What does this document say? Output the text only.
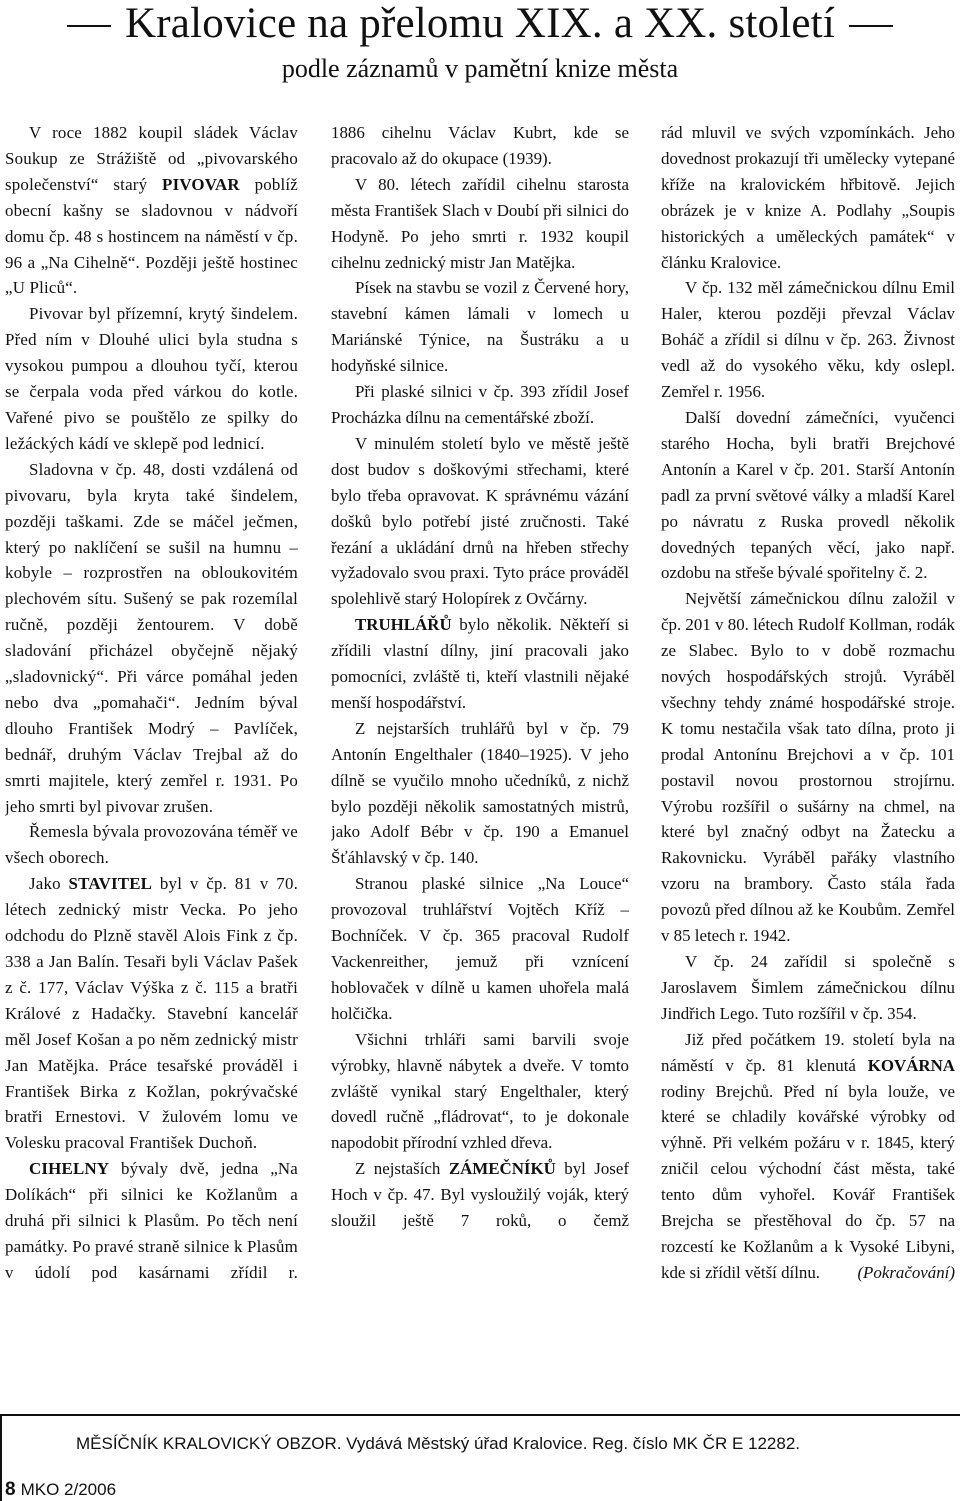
Kralovice na přelomu XIX. a XX. století
podle záznamů v pamětní knize města

V roce 1882 koupil sládek Václav Soukup ze Strážiště od „pivovarského společenství“ starý PIVOVAR poblíž obecní kašny se sladovnou v nádvoří domu čp. 48 s hostincem na náměstí v čp. 96 a „Na Cihelně“. Později ještě hostinec „U Pliců“.

Pivovar byl přízemní, krytý šindelem. Před ním v Dlouhé ulici byla studna s vysokou pumpou a dlouhou tyčí, kterou se čerpala voda před várkou do kotle. Vařené pivo se pouštělo ze spilky do ležáckých kádí ve sklepě pod lednicí.

Sladovna v čp. 48, dosti vzdálená od pivovaru, byla kryta také šindelem, později taškami. Zde se máčel ječmen, který po naklíčení se sušil na humnu – kobyle – rozprostřen na obloukovitém plechovém sítu. Sušený se pak rozemílal ručně, později žentourem. V době sladování přicházel obyčejně nějaký „sladovnický“. Při várce pomáhal jeden nebo dva „pomahači“. Jedním býval dlouho František Modrý – Pavlíček, bednář, druhým Václav Trejbal až do smrti majitele, který zemřel r. 1931. Po jeho smrti byl pivovar zrušen.

Řemesla bývala provozována téměř ve všech oborech.

Jako STAVITEL byl v čp. 81 v 70. létech zednický mistr Vecka. Po jeho odchodu do Plzně stavěl Alois Fink z čp. 338 a Jan Balín. Tesaři byli Václav Pašek z č. 177, Václav Výška z č. 115 a bratři Králové z Hadačky. Stavební kancelář měl Josef Košan a po něm zednický mistr Jan Matějka. Práce tesařské prováděl i František Birka z Kožlan, pokrývačské bratři Ernestovi. V žulovém lomu ve Volesku pracoval František Duchoň.

CIHELNY bývaly dvě, jedna „Na Dolíkách“ při silnici ke Kožlanům a druhá při silnici k Plasům. Po těch není památky. Po pravé straně silnice k Plasům v údolí pod kasárnami zřídil r.

1886 cihelnu Václav Kubrt, kde se pracovalo až do okupace (1939).

V 80. létech zařídil cihelnu starosta města František Slach v Doubí při silnici do Hodyně. Po jeho smrti r. 1932 koupil cihelnu zednický mistr Jan Matějka.

Písek na stavbu se vozil z Červené hory, stavební kámen lámali v lomech u Mariánské Týnice, na Šustráku a u hodyňské silnice.

Při plaské silnici v čp. 393 zřídil Josef Procházka dílnu na cementářské zboží.

V minulém století bylo ve městě ještě dost budov s doškovými střechami, které bylo třeba opravovat. K správnému vázání došků bylo potřebí jisté zručnosti. Také řezání a ukládání drnů na hřeben střechy vyžadovalo svou praxi. Tyto práce prováděl spolehlivě starý Holopírek z Ovčárny.

TRUHLÁŘŮ bylo několik. Někteří si zřídili vlastní dílny, jiní pracovali jako pomocníci, zvláště ti, kteří vlastnili nějaké menší hospodářství.

Z nejstarších truhlářů byl v čp. 79 Antonín Engelthaler (1840–1925). V jeho dílně se vyučilo mnoho učedníků, z nichž bylo později několik samostatných mistrů, jako Adolf Bébr v čp. 190 a Emanuel Šťáhlavský v čp. 140.

Stranou plaské silnice „Na Louce“ provozoval truhlářství Vojtěch Kříž – Bochníček. V čp. 365 pracoval Rudolf Vackenreither, jemuž při vznícení hoblovaček v dílně u kamen uhořela malá holčička.

Všichni trhláři sami barvili svoje výrobky, hlavně nábytek a dveře. V tomto zvláště vynikal starý Engelthaler, který dovedl ručně „fládrovat“, to je dokonale napodobit přírodní vzhled dřeva.

Z nejstaších ZÁMEČNÍKŮ byl Josef Hoch v čp. 47. Byl vysloužilý voják, který sloužil ještě 7 roků, o čemž

rád mluvil ve svých vzpomínkách. Jeho dovednost prokazují tři umělecky vytepané kříže na kralovickém hřbitově. Jejich obrázek je v knize A. Podlahy „Soupis historických a uměleckých památek“ v článku Kralovice.

V čp. 132 měl zámečnickou dílnu Emil Haler, kterou později převzal Václav Boháč a zřídil si dílnu v čp. 263. Živnost vedl až do vysokého věku, kdy oslepl. Zemřel r. 1956.

Další dovední zámečníci, vyučenci starého Hocha, byli bratři Brejchové Antonín a Karel v čp. 201. Starší Antonín padl za první světové války a mladší Karel po návratu z Ruska provedl několik dovedných tepaných věcí, jako např. ozdobu na střeše bývalé spořitelny č. 2.

Největší zámečnickou dílnu založil v čp. 201 v 80. létech Rudolf Kollman, rodák ze Slabec. Bylo to v době rozmachu nových hospodářských strojů. Vyráběl všechny tehdy známé hospodářské stroje. K tomu nestačila však tato dílna, proto ji prodal Antonínu Brejchovi a v čp. 101 postavil novou prostornou strojírnu. Výrobu rozšířil o sušárny na chmel, na které byl značný odbyt na Žatecku a Rakovnicku. Vyráběl pařáky vlastního vzoru na brambory. Často stála řada povozů před dílnou až ke Koubům. Zemřel v 85 letech r. 1942.

V čp. 24 zařídil si společně s Jaroslavem Šimlem zámečnickou dílnu Jindřich Lego. Tuto rozšířil v čp. 354.

Již před počátkem 19. století byla na náměstí v čp. 81 klenutá KOVÁRNA rodiny Brejchů. Před ní byla louže, ve které se chladily kovářské výrobky od výhně. Při velkém požáru v r. 1845, který zničil celou východní část města, také tento dům vyhořel. Kovář František Brejcha se přestěhoval do čp. 57 na rozcestí ke Kožlanům a k Vysoké Libyni, kde si zřídil větší dílnu.	(Pokračování)

MĚSÍČNÍK KRALOVICKÝ OBZOR. Vydává Městský úřad Kralovice. Reg. číslo MK ČR E 12282.
8 MKO 2/2006
